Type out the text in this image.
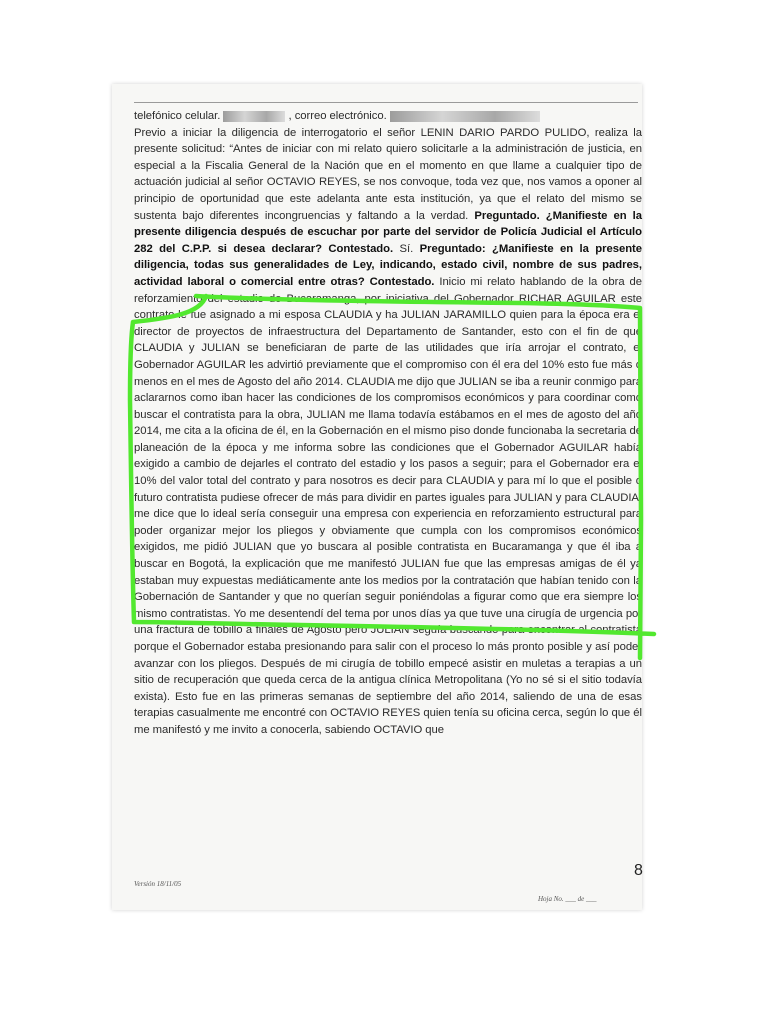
telefónico celular.	, correo electrónico.
Previo a iniciar la diligencia de interrogatorio el señor LENIN DARIO PARDO PULIDO, realiza la presente solicitud: “Antes de iniciar con mi relato quiero solicitarle a la administración de justicia, en especial a la Fiscalia General de la Nación que en el momento en que llame a cualquier tipo de actuación judicial al señor OCTAVIO REYES, se nos convoque, toda vez que, nos vamos a oponer al principio de oportunidad que este adelanta ante esta institución, ya que el relato del mismo se sustenta bajo diferentes incongruencias y faltando a la verdad. Preguntado. ¿Manifieste en la presente diligencia después de escuchar por parte del servidor de Policía Judicial el Artículo 282 del C.P.P. si desea declarar? Contestado. Sí. Preguntado: ¿Manifieste en la presente diligencia, todas sus generalidades de Ley, indicando, estado civil, nombre de sus padres, actividad laboral o comercial entre otras? Contestado. Inicio mi relato hablando de la obra de reforzamiento del estadio de Bucaramanga, por iniciativa del Gobernador RICHAR AGUILAR este contrato le fue asignado a mi esposa CLAUDIA y ha JULIAN JARAMILLO quien para la época era el director de proyectos de infraestructura del Departamento de Santander, esto con el fin de que CLAUDIA y JULIAN se beneficiaran de parte de las utilidades que iría arrojar el contrato, el Gobernador AGUILAR les advirtió previamente que el compromiso con él era del 10% esto fue más o menos en el mes de Agosto del año 2014. CLAUDIA me dijo que JULIAN se iba a reunir conmigo para aclararnos como iban hacer las condiciones de los compromisos económicos y para coordinar como buscar el contratista para la obra, JULIAN me llama todavía estábamos en el mes de agosto del año 2014, me cita a la oficina de él, en la Gobernación en el mismo piso donde funcionaba la secretaria de planeación de la época y me informa sobre las condiciones que el Gobernador AGUILAR había exigido a cambio de dejarles el contrato del estadio y los pasos a seguir; para el Gobernador era el 10% del valor total del contrato y para nosotros es decir para CLAUDIA y para mí lo que el posible o futuro contratista pudiese ofrecer de más para dividir en partes iguales para JULIAN y para CLAUDIA, me dice que lo ideal sería conseguir una empresa con experiencia en reforzamiento estructural para poder organizar mejor los pliegos y obviamente que cumpla con los compromisos económicos exigidos, me pidió JULIAN que yo buscara al posible contratista en Bucaramanga y que él iba a buscar en Bogotá, la explicación que me manifestó JULIAN fue que las empresas amigas de él ya estaban muy expuestas mediáticamente ante los medios por la contratación que habían tenido con la Gobernación de Santander y que no querían seguir poniéndolas a figurar como que era siempre los mismo contratistas. Yo me desentendí del tema por unos días ya que tuve una cirugía de urgencia por una fractura de tobillo a finales de Agosto pero JULIAN seguía buscando para encontrar al contratista porque el Gobernador estaba presionando para salir con el proceso lo más pronto posible y así poder avanzar con los pliegos. Después de mi cirugía de tobillo empecé asistir en muletas a terapias a un sitio de recuperación que queda cerca de la antigua clínica Metropolitana (Yo no sé si el sitio todavía exista). Esto fue en las primeras semanas de septiembre del año 2014, saliendo de una de esas terapias casualmente me encontré con OCTAVIO REYES quien tenía su oficina cerca, según lo que él me manifestó y me invito a conocerla, sabiendo OCTAVIO que

8

Versión 18/11/05

Hoja No. ___ de ___
